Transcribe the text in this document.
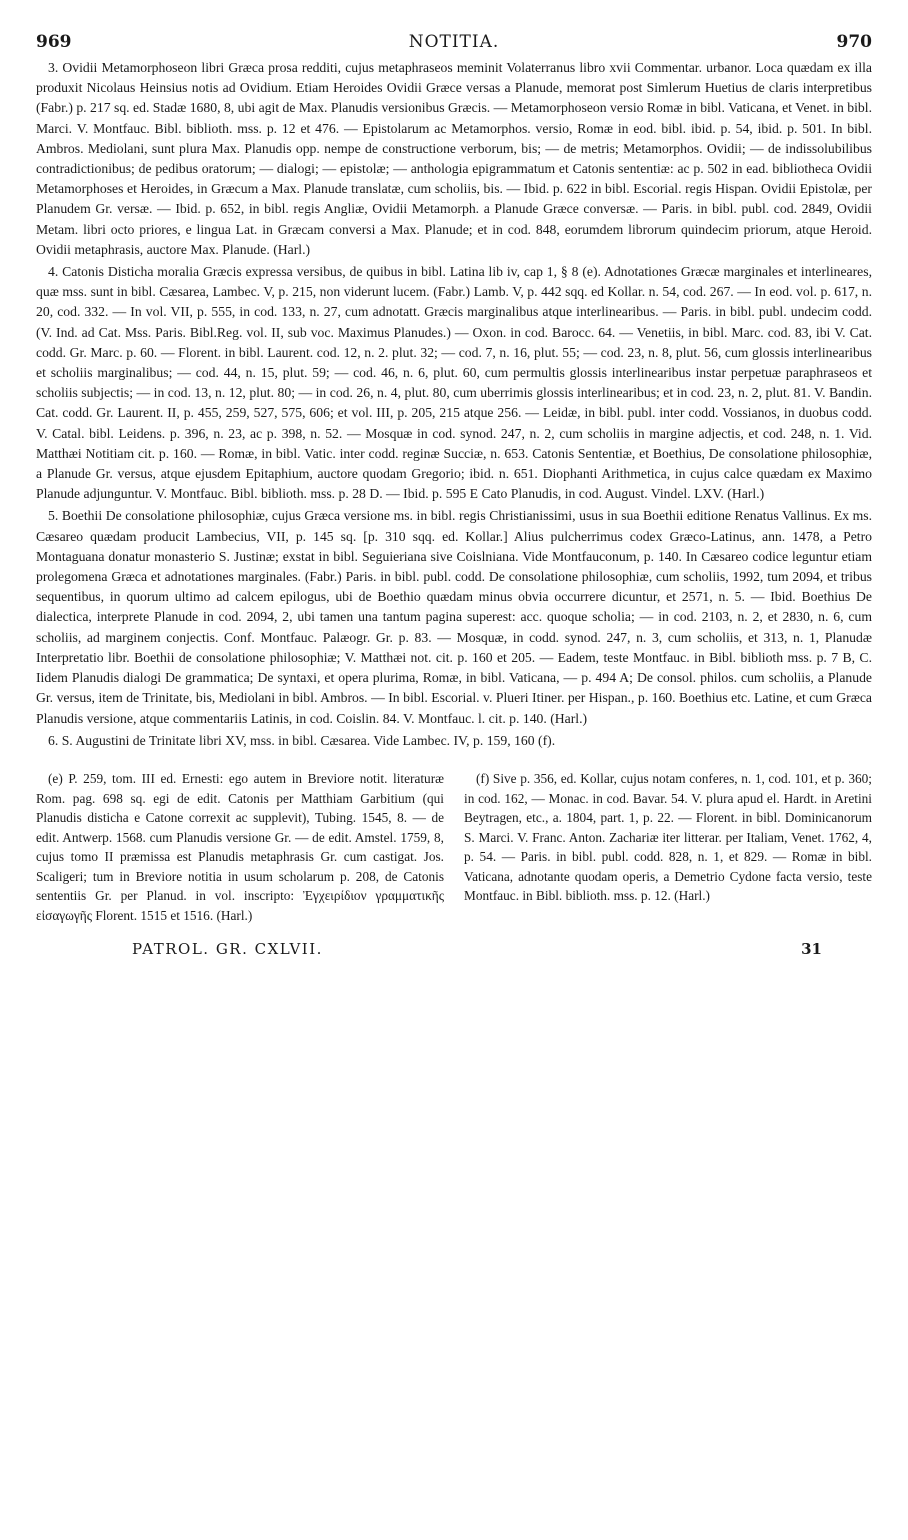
969	NOTITIA.	970

3. Ovidii Metamorphoseon libri Græca prosa redditi, cujus metaphraseos meminit Volaterranus libro xvii Commentar. urbanor. Loca quædam ex illa produxit Nicolaus Heinsius notis ad Ovidium. Etiam Heroides Ovidii Græce versas a Planude, memorat post Simlerum Huetius de claris interpretibus (Fabr.) p. 217 sq. ed. Stadæ 1680, 8, ubi agit de Max. Planudis versionibus Græcis. — Metamorphoseon versio Romæ in bibl. Vaticana, et Venet. in bibl. Marci. V. Montfauc. Bibl. biblioth. mss. p. 12 et 476. — Epistolarum ac Metamorphos. versio, Romæ in eod. bibl. ibid. p. 54, ibid. p. 501. In bibl. Ambros. Mediolani, sunt plura Max. Planudis opp. nempe de constructione verborum, bis; — de metris; Metamorphos. Ovidii; — de indissolubilibus contradictionibus; de pedibus oratorum; — dialogi; — epistolæ; — anthologia epigrammatum et Catonis sententiæ: ac p. 502 in ead. bibliotheca Ovidii Metamorphoses et Heroides, in Græcum a Max. Planude translatæ, cum scholiis, bis. — Ibid. p. 622 in bibl. Escorial. regis Hispan. Ovidii Epistolæ, per Planudem Gr. versæ. — Ibid. p. 652, in bibl. regis Angliæ, Ovidii Metamorph. a Planude Græce conversæ. — Paris. in bibl. publ. cod. 2849, Ovidii Metam. libri octo priores, e lingua Lat. in Græcam conversi a Max. Planude; et in cod. 848, eorumdem librorum quindecim priorum, atque Heroid. Ovidii metaphrasis, auctore Max. Planude. (Harl.)

4. Catonis Disticha moralia Græcis expressa versibus, de quibus in bibl. Latina lib iv, cap 1, § 8 (e). Adnotationes Græcæ marginales et interlineares, quæ mss. sunt in bibl. Cæsarea, Lambec. V, p. 215, non viderunt lucem. (Fabr.) Lamb. V, p. 442 sqq. ed Kollar. n. 54, cod. 267. — In eod. vol. p. 617, n. 20, cod. 332. — In vol. VII, p. 555, in cod. 133, n. 27, cum adnotatt. Græcis marginalibus atque interlinearibus. — Paris. in bibl. publ. undecim codd. (V. Ind. ad Cat. Mss. Paris. Bibl.Reg. vol. II, sub voc. Maximus Planudes.) — Oxon. in cod. Barocc. 64. — Venetiis, in bibl. Marc. cod. 83, ibi V. Cat. codd. Gr. Marc. p. 60. — Florent. in bibl. Laurent. cod. 12, n. 2. plut. 32; — cod. 7, n. 16, plut. 55; — cod. 23, n. 8, plut. 56, cum glossis interlinearibus et scholiis marginalibus; — cod. 44, n. 15, plut. 59; — cod. 46, n. 6, plut. 60, cum permultis glossis interlinearibus instar perpetuæ paraphraseos et scholiis subjectis; — in cod. 13, n. 12, plut. 80; — in cod. 26, n. 4, plut. 80, cum uberrimis glossis interlinearibus; et in cod. 23, n. 2, plut. 81. V. Bandin. Cat. codd. Gr. Laurent. II, p. 455, 259, 527, 575, 606; et vol. III, p. 205, 215 atque 256. — Leidæ, in bibl. publ. inter codd. Vossianos, in duobus codd. V. Catal. bibl. Leidens. p. 396, n. 23, ac p. 398, n. 52. — Mosquæ in cod. synod. 247, n. 2, cum scholiis in margine adjectis, et cod. 248, n. 1. Vid. Matthæi Notitiam cit. p. 160. — Romæ, in bibl. Vatic. inter codd. reginæ Succiæ, n. 653. Catonis Sententiæ, et Boethius, De consolatione philosophiæ, a Planude Gr. versus, atque ejusdem Epitaphium, auctore quodam Gregorio; ibid. n. 651. Diophanti Arithmetica, in cujus calce quædam ex Maximo Planude adjunguntur. V. Montfauc. Bibl. biblioth. mss. p. 28 D. — Ibid. p. 595 E Cato Planudis, in cod. August. Vindel. LXV. (Harl.)

5. Boethii De consolatione philosophiæ, cujus Græca versione ms. in bibl. regis Christianissimi, usus in sua Boethii editione Renatus Vallinus. Ex ms. Cæsareo quædam producit Lambecius, VII, p. 145 sq. [p. 310 sqq. ed. Kollar.] Alius pulcherrimus codex Græco-Latinus, ann. 1478, a Petro Montaguana donatur monasterio S. Justinæ; exstat in bibl. Seguieriana sive Coislniana. Vide Montfauconum, p. 140. In Cæsareo codice leguntur etiam prolegomena Græca et adnotationes marginales. (Fabr.) Paris. in bibl. publ. codd. De consolatione philosophiæ, cum scholiis, 1992, tum 2094, et tribus sequentibus, in quorum ultimo ad calcem epilogus, ubi de Boethio quædam minus obvia occurrere dicuntur, et 2571, n. 5. — Ibid. Boethius De dialectica, interprete Planude in cod. 2094, 2, ubi tamen una tantum pagina superest: acc. quoque scholia; — in cod. 2103, n. 2, et 2830, n. 6, cum scholiis, ad marginem conjectis. Conf. Montfauc. Palæogr. Gr. p. 83. — Mosquæ, in codd. synod. 247, n. 3, cum scholiis, et 313, n. 1, Planudæ Interpretatio libr. Boethii de consolatione philosophiæ; V. Matthæi not. cit. p. 160 et 205. — Eadem, teste Montfauc. in Bibl. biblioth mss. p. 7 B, C. Iidem Planudis dialogi De grammatica; De syntaxi, et opera plurima, Romæ, in bibl. Vaticana, — p. 494 A; De consol. philos. cum scholiis, a Planude Gr. versus, item de Trinitate, bis, Mediolani in bibl. Ambros. — In bibl. Escorial. v. Plueri Itiner. per Hispan., p. 160. Boethius etc. Latine, et cum Græca Planudis versione, atque commentariis Latinis, in cod. Coislin. 84. V. Montfauc. l. cit. p. 140. (Harl.)

6. S. Augustini de Trinitate libri XV, mss. in bibl. Cæsarea. Vide Lambec. IV, p. 159, 160 (f).

(e) P. 259, tom. III ed. Ernesti: ego autem in Breviore notit. literaturæ Rom. pag. 698 sq. egi de edit. Catonis per Matthiam Garbitium (qui Planudis disticha e Catone correxit ac supplevit), Tubing. 1545, 8. — de edit. Antwerp. 1568. cum Planudis versione Gr. — de edit. Amstel. 1759, 8, cujus tomo II præmissa est Planudis metaphrasis Gr. cum castigat. Jos. Scaligeri; tum in Breviore notitia in usum scholarum p. 208, de Catonis sententiis Gr. per Planud. in vol. inscripto: Ἐγχειρίδιον γραμματικῆς εἰσαγωγῆς Florent. 1515 et 1516. (Harl.)

(f) Sive p. 356, ed. Kollar, cujus notam conferes, n. 1, cod. 101, et p. 360; in cod. 162, — Monac. in cod. Bavar. 54. V. plura apud el. Hardt. in Aretini Beytragen, etc., a. 1804, part. 1, p. 22. — Florent. in bibl. Dominicanorum S. Marci. V. Franc. Anton. Zachariæ iter litterar. per Italiam, Venet. 1762, 4, p. 54. — Paris. in bibl. publ. codd. 828, n. 1, et 829. — Romæ in bibl. Vaticana, adnotante quodam operis, a Demetrio Cydone facta versio, teste Montfauc. in Bibl. biblioth. mss. p. 12. (Harl.)

PATROL. GR. CXLVII.	31
